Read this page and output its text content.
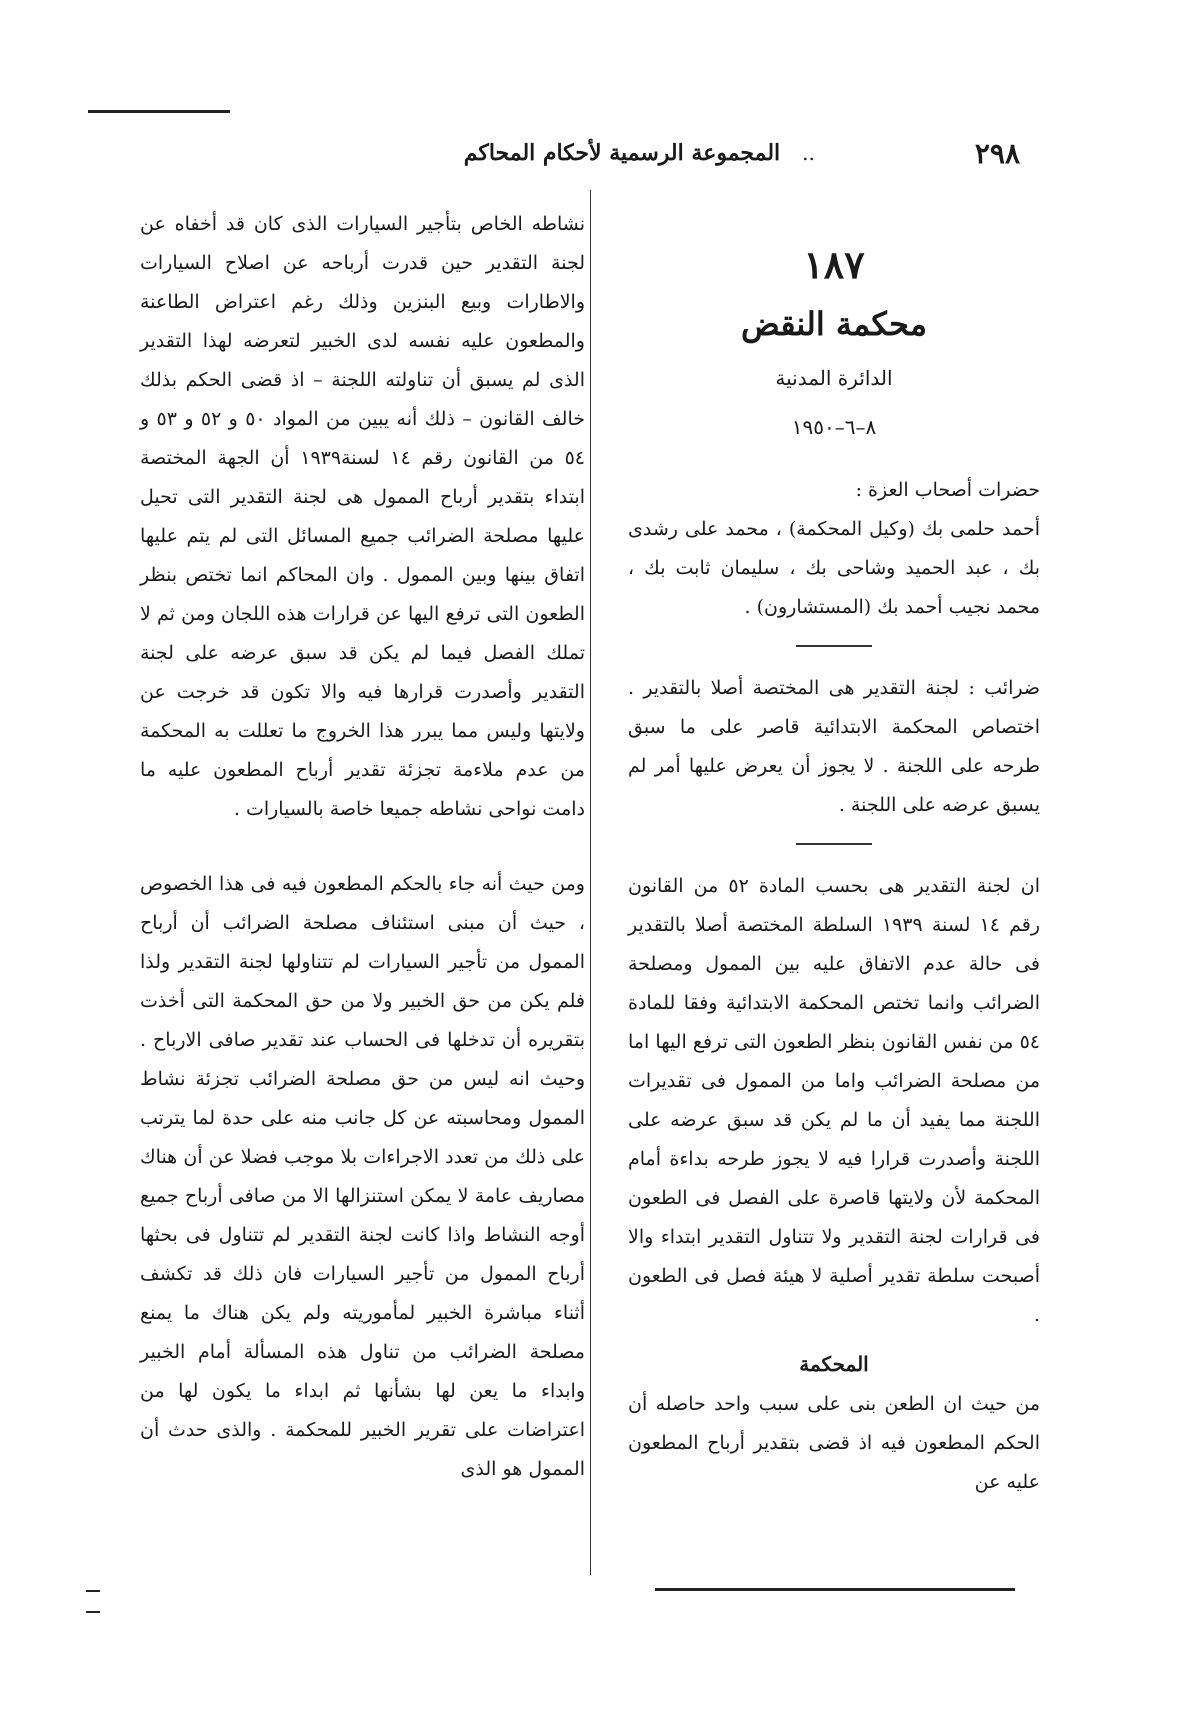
٢٩٨
..
المجموعة الرسمية لأحكام المحاكم
١٨٧
محكمة النقض
الدائرة المدنية
٨–٦–١٩٥٠

حضرات أصحاب العزة :

أحمد حلمى بك (وكيل المحكمة) ، محمد على رشدى بك ، عبد الحميد وشاحى بك ، سليمان ثابت بك ، محمد نجيب أحمد بك (المستشارون) .

ضرائب : لجنة التقدير هى المختصة أصلا بالتقدير . اختصاص المحكمة الابتدائية قاصر على ما سبق طرحه على اللجنة . لا يجوز أن يعرض عليها أمر لم يسبق عرضه على اللجنة .

ان لجنة التقدير هى بحسب المادة ٥٢ من القانون رقم ١٤ لسنة ١٩٣٩ السلطة المختصة أصلا بالتقدير فى حالة عدم الاتفاق عليه بين الممول ومصلحة الضرائب وانما تختص المحكمة الابتدائية وفقا للمادة ٥٤ من نفس القانون بنظر الطعون التى ترفع اليها اما من مصلحة الضرائب واما من الممول فى تقديرات اللجنة مما يفيد أن ما لم يكن قد سبق عرضه على اللجنة وأصدرت قرارا فيه لا يجوز طرحه بداءة أمام المحكمة لأن ولايتها قاصرة على الفصل فى الطعون فى قرارات لجنة التقدير ولا تتناول التقدير ابتداء والا أصبحت سلطة تقدير أصلية لا هيئة فصل فى الطعون .

المحكمة

من حيث ان الطعن بنى على سبب واحد حاصله أن الحكم المطعون فيه اذ قضى بتقدير أرباح المطعون عليه عن

نشاطه الخاص بتأجير السيارات الذى كان قد أخفاه عن لجنة التقدير حين قدرت أرباحه عن اصلاح السيارات والاطارات وبيع البنزين وذلك رغم اعتراض الطاعنة والمطعون عليه نفسه لدى الخبير لتعرضه لهذا التقدير الذى لم يسبق أن تناولته اللجنة – اذ قضى الحكم بذلك خالف القانون – ذلك أنه يبين من المواد ٥٠ و ٥٢ و ٥٣ و ٥٤ من القانون رقم ١٤ لسنة١٩٣٩ أن الجهة المختصة ابتداء بتقدير أرباح الممول هى لجنة التقدير التى تحيل عليها مصلحة الضرائب جميع المسائل التى لم يتم عليها اتفاق بينها وبين الممول . وان المحاكم انما تختص بنظر الطعون التى ترفع اليها عن قرارات هذه اللجان ومن ثم لا تملك الفصل فيما لم يكن قد سبق عرضه على لجنة التقدير وأصدرت قرارها فيه والا تكون قد خرجت عن ولايتها وليس مما يبرر هذا الخروج ما تعللت به المحكمة من عدم ملاءمة تجزئة تقدير أرباح المطعون عليه ما دامت نواحى نشاطه جميعا خاصة بالسيارات .

ومن حيث أنه جاء بالحكم المطعون فيه فى هذا الخصوص ، حيث أن مبنى استئناف مصلحة الضرائب أن أرباح الممول من تأجير السيارات لم تتناولها لجنة التقدير ولذا فلم يكن من حق الخبير ولا من حق المحكمة التى أخذت بتقريره أن تدخلها فى الحساب عند تقدير صافى الارباح . وحيث انه ليس من حق مصلحة الضرائب تجزئة نشاط الممول ومحاسبته عن كل جانب منه على حدة لما يترتب على ذلك من تعدد الاجراءات بلا موجب فضلا عن أن هناك مصاريف عامة لا يمكن استنزالها الا من صافى أرباح جميع أوجه النشاط واذا كانت لجنة التقدير لم تتناول فى بحثها أرباح الممول من تأجير السيارات فان ذلك قد تكشف أثناء مباشرة الخبير لمأموريته ولم يكن هناك ما يمنع مصلحة الضرائب من تناول هذه المسألة أمام الخبير وابداء ما يعن لها بشأنها ثم ابداء ما يكون لها من اعتراضات على تقرير الخبير للمحكمة . والذى حدث أن الممول هو الذى
